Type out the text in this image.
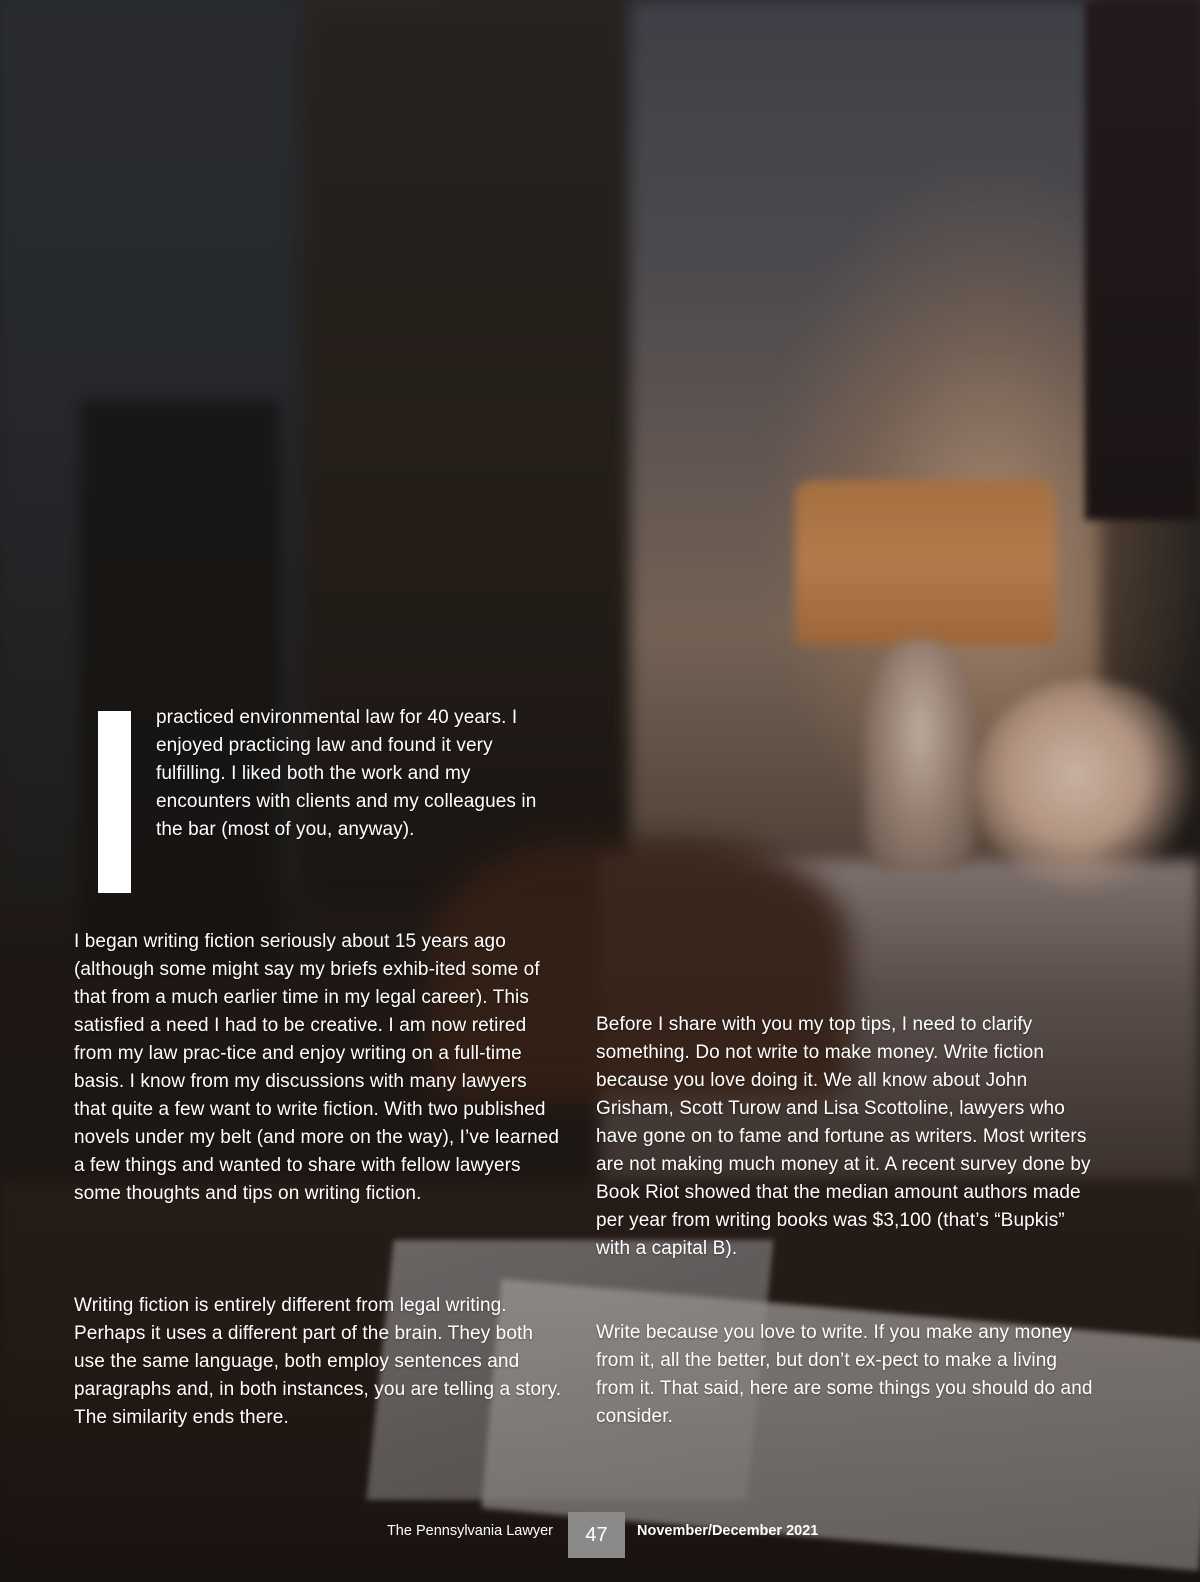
practiced environmental law for 40 years. I enjoyed practicing law and found it very fulfilling. I liked both the work and my encounters with clients and my colleagues in the bar (most of you, anyway).

I began writing fiction seriously about 15 years ago (although some might say my briefs exhib-ited some of that from a much earlier time in my legal career). This satisfied a need I had to be creative. I am now retired from my law prac-tice and enjoy writing on a full-time basis. I know from my discussions with many lawyers that quite a few want to write fiction. With two published novels under my belt (and more on the way), I’ve learned a few things and wanted to share with fellow lawyers some thoughts and tips on writing fiction.

Writing fiction is entirely different from legal writing. Perhaps it uses a different part of the brain. They both use the same language, both employ sentences and paragraphs and, in both instances, you are telling a story. The similarity ends there.

Before I share with you my top tips, I need to clarify something. Do not write to make money. Write fiction because you love doing it. We all know about John Grisham, Scott Turow and Lisa Scottoline, lawyers who have gone on to fame and fortune as writers. Most writers are not making much money at it. A recent survey done by Book Riot showed that the median amount authors made per year from writing books was $3,100 (that’s “Bupkis” with a capital B).

Write because you love to write. If you make any money from it, all the better, but don’t ex-pect to make a living from it. That said, here are some things you should do and consider.

The Pennsylvania Lawyer	47	November/December 2021
